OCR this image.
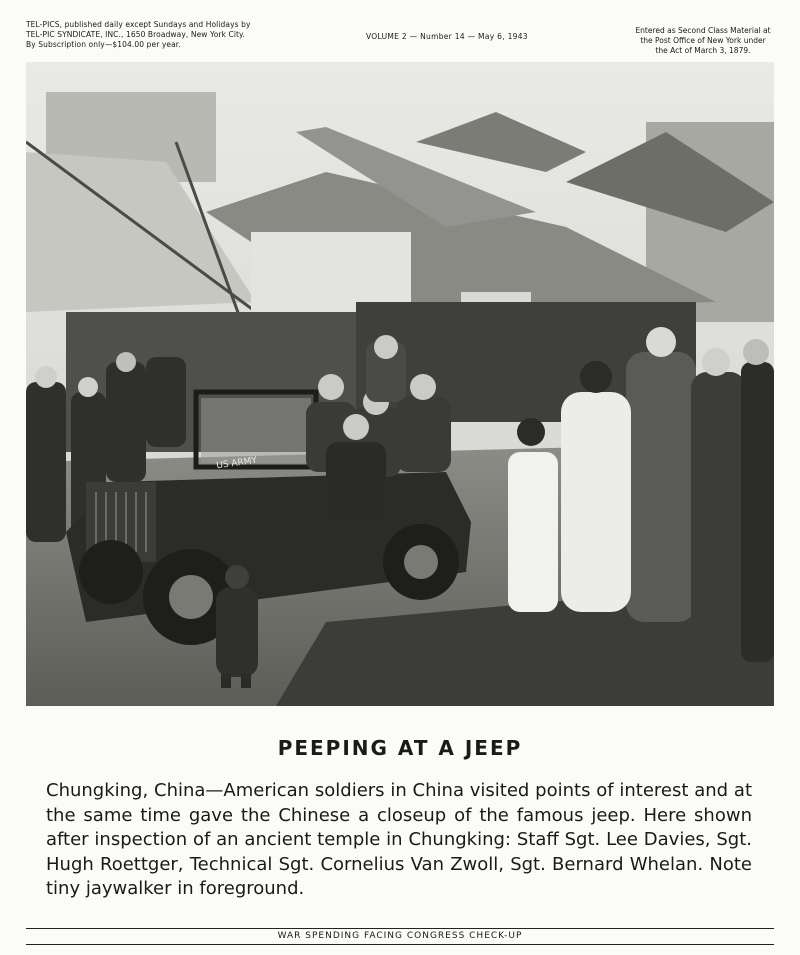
TEL-PICS, published daily except Sundays and Holidays by
TEL-PIC SYNDICATE, INC., 1650 Broadway, New York City.
By Subscription only—$104.00 per year.
VOLUME 2 — Number 14 — May 6, 1943
Entered as Second Class Material at
the Post Office of New York under
the Act of March 3, 1879.
US ARMY
PEEPING AT A JEEP
Chungking, China—American soldiers in China visited points of interest and at the same time gave the Chinese a closeup of the famous jeep. Here shown after inspection of an ancient temple in Chungking: Staff Sgt. Lee Davies, Sgt. Hugh Roettger, Technical Sgt. Cornelius Van Zwoll, Sgt. Bernard Whelan. Note tiny jaywalker in foreground.
WAR SPENDING FACING CONGRESS CHECK-UP
